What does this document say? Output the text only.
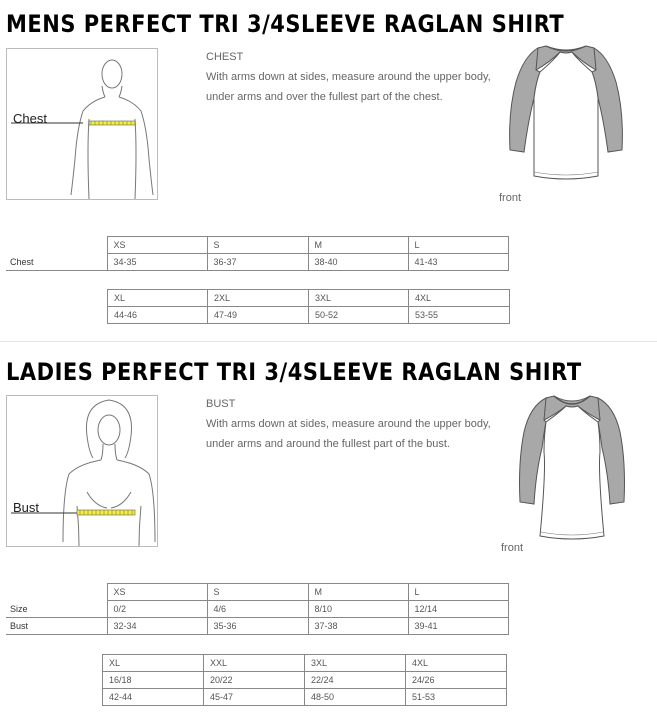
MENS PERFECT TRI 3/4SLEEVE RAGLAN SHIRT
Chest
CHEST
With arms down at sides, measure around the upper body, under arms and over the fullest part of the chest.
front
	XS	S	M	L
Chest	34-35	36-37	38-40	41-43
XL	2XL	3XL	4XL
44-46	47-49	50-52	53-55
LADIES PERFECT TRI 3/4SLEEVE RAGLAN SHIRT
Bust
BUST
With arms down at sides, measure around the upper body, under arms and around the fullest part of the bust.
front
	XS	S	M	L
Size	0/2	4/6	8/10	12/14
Bust	32-34	35-36	37-38	39-41
XL	XXL	3XL	4XL
16/18	20/22	22/24	24/26
42-44	45-47	48-50	51-53
